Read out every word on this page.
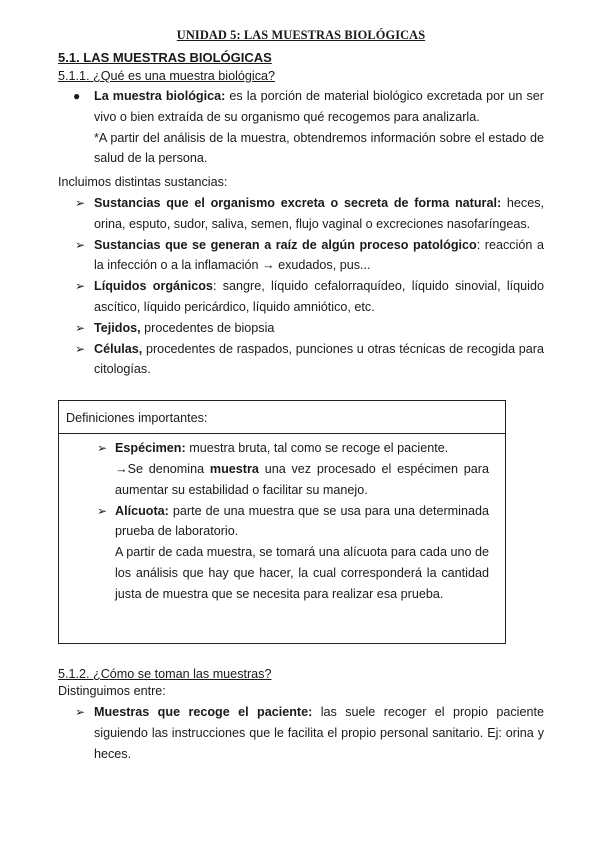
UNIDAD 5: LAS MUESTRAS BIOLÓGICAS
5.1. LAS MUESTRAS BIOLÓGICAS
5.1.1. ¿Qué es una muestra biológica?
● La muestra biológica: es la porción de material biológico excretada por un ser vivo o bien extraída de su organismo qué recogemos para analizarla.
*A partir del análisis de la muestra, obtendremos información sobre el estado de salud de la persona.
Incluimos distintas sustancias:
➢ Sustancias que el organismo excreta o secreta de forma natural: heces, orina, esputo, sudor, saliva, semen, flujo vaginal o excreciones nasofaríngeas.
➢ Sustancias que se generan a raíz de algún proceso patológico: reacción a la infección o a la inflamación → exudados, pus...
➢ Líquidos orgánicos: sangre, líquido cefalorraquídeo, líquido sinovial, líquido ascítico, líquido pericárdico, líquido amniótico, etc.
➢ Tejidos, procedentes de biopsia
➢ Células, procedentes de raspados, punciones u otras técnicas de recogida para citologías.
Definiciones importantes:
➢ Espécimen: muestra bruta, tal como se recoge el paciente.
→Se denomina muestra una vez procesado el espécimen para aumentar su estabilidad o facilitar su manejo.
➢ Alícuota: parte de una muestra que se usa para una determinada prueba de laboratorio.
A partir de cada muestra, se tomará una alícuota para cada uno de los análisis que hay que hacer, la cual corresponderá la cantidad justa de muestra que se necesita para realizar esa prueba.
5.1.2. ¿Cómo se toman las muestras?
Distinguimos entre:
➢ Muestras que recoge el paciente: las suele recoger el propio paciente siguiendo las instrucciones que le facilita el propio personal sanitario. Ej: orina y heces.
